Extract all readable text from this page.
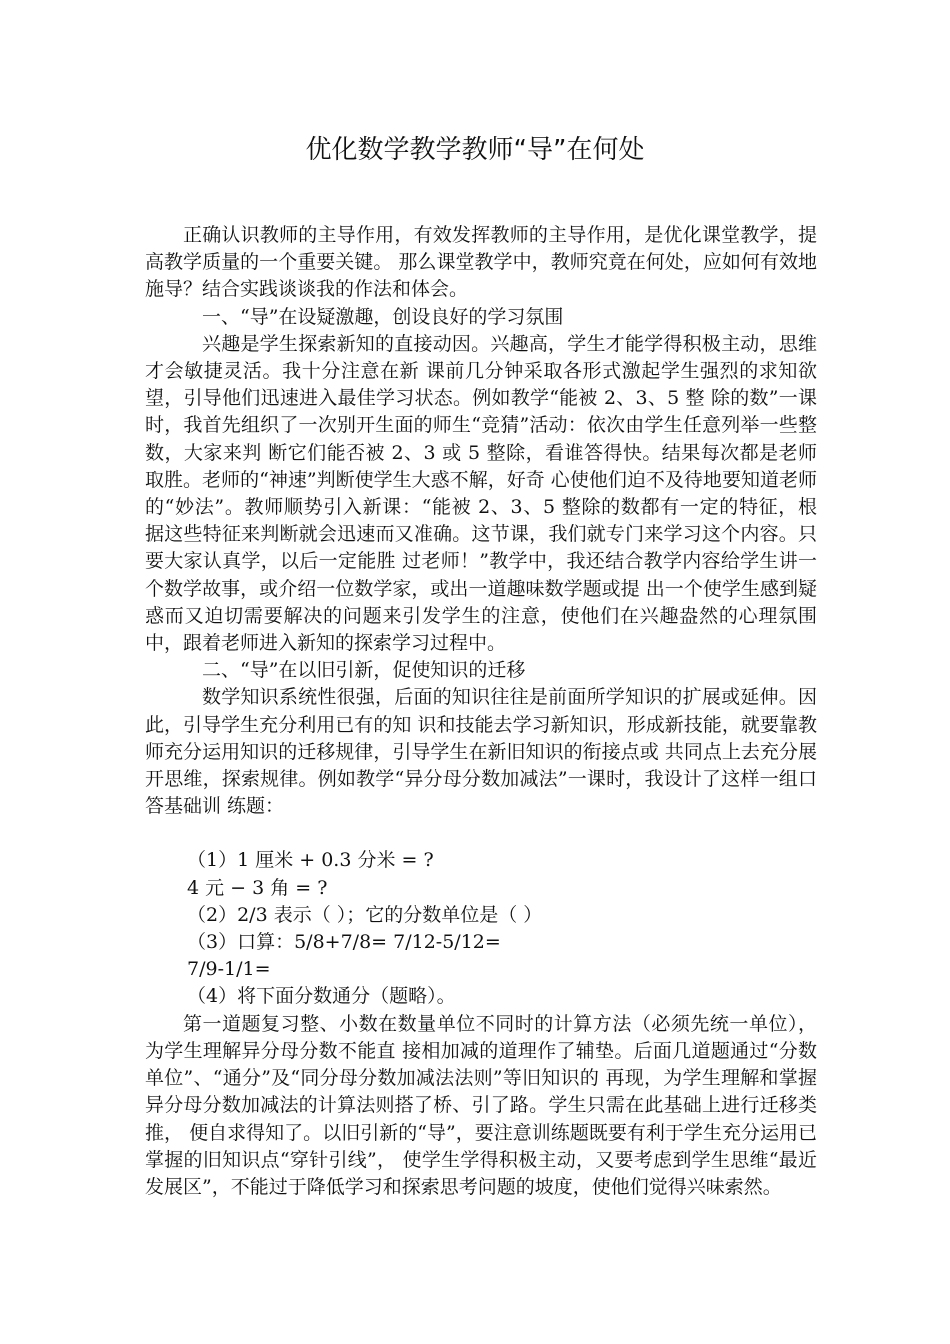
优化数学教学教师“导”在何处

正确认识教师的主导作用，有效发挥教师的主导作用，是优化课堂教学，提高教学质量的一个重要关键。 那么课堂教学中，教师究竟在何处，应如何有效地施导？结合实践谈谈我的作法和体会。

一、“导”在设疑激趣，创设良好的学习氛围

兴趣是学生探索新知的直接动因。兴趣高，学生才能学得积极主动，思维才会敏捷灵活。我十分注意在新 课前几分钟采取各形式激起学生强烈的求知欲望，引导他们迅速进入最佳学习状态。例如教学“能被 2、3、5 整 除的数”一课时，我首先组织了一次别开生面的师生“竞猜”活动：依次由学生任意列举一些整数，大家来判 断它们能否被 2、3 或 5 整除，看谁答得快。结果每次都是老师取胜。老师的“神速”判断使学生大惑不解，好奇 心使他们迫不及待地要知道老师的“妙法”。教师顺势引入新课：“能被 2、3、5 整除的数都有一定的特征，根 据这些特征来判断就会迅速而又准确。这节课，我们就专门来学习这个内容。只要大家认真学，以后一定能胜 过老师！”教学中，我还结合教学内容给学生讲一个数学故事，或介绍一位数学家，或出一道趣味数学题或提 出一个使学生感到疑惑而又迫切需要解决的问题来引发学生的注意，使他们在兴趣盎然的心理氛围中，跟着老师进入新知的探索学习过程中。

二、“导”在以旧引新，促使知识的迁移

数学知识系统性很强，后面的知识往往是前面所学知识的扩展或延伸。因此，引导学生充分利用已有的知 识和技能去学习新知识，形成新技能，就要靠教师充分运用知识的迁移规律，引导学生在新旧知识的衔接点或 共同点上去充分展开思维，探索规律。例如教学“异分母分数加减法”一课时，我设计了这样一组口答基础训 练题：

（1）1 厘米 + 0.3 分米 = ?
4 元 − 3 角 = ?
（2）2/3 表示（ ）；它的分数单位是（ ）
（3）口算：5/8+7/8= 7/12-5/12=
7/9-1/1=
（4）将下面分数通分（题略）。

第一道题复习整、小数在数量单位不同时的计算方法（必须先统一单位），为学生理解异分母分数不能直 接相加减的道理作了辅垫。后面几道题通过“分数单位”、“通分”及“同分母分数加减法法则”等旧知识的 再现，为学生理解和掌握异分母分数加减法的计算法则搭了桥、引了路。学生只需在此基础上进行迁移类推， 便自求得知了。以旧引新的“导”，要注意训练题既要有利于学生充分运用已掌握的旧知识点“穿针引线”， 使学生学得积极主动，又要考虑到学生思维“最近发展区”，不能过于降低学习和探索思考问题的坡度，使他们觉得兴味索然。
